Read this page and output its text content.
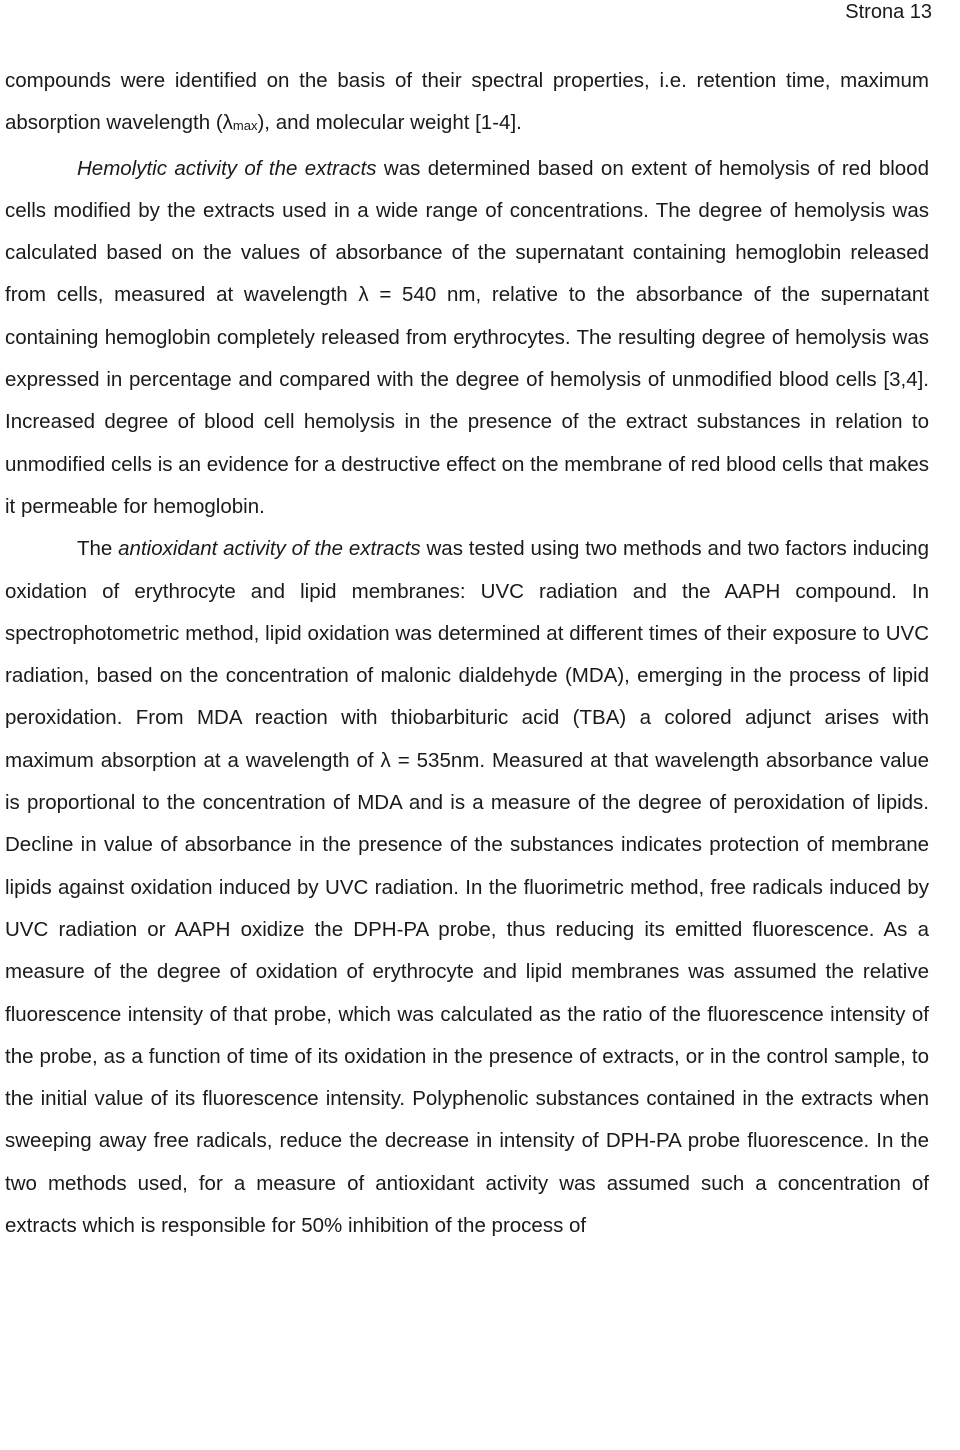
Strona 13

compounds were identified on the basis of their spectral properties, i.e. retention time, maximum absorption wavelength $(\lambda_{max})$, and molecular weight [1-4].

Hemolytic activity of the extracts was determined based on extent of hemolysis of red blood cells modified by the extracts used in a wide range of concentrations. The degree of hemolysis was calculated based on the values of absorbance of the supernatant containing hemoglobin released from cells, measured at wavelength λ = 540 nm, relative to the absorbance of the supernatant containing hemoglobin completely released from erythrocytes. The resulting degree of hemolysis was expressed in percentage and compared with the degree of hemolysis of unmodified blood cells [3,4]. Increased degree of blood cell hemolysis in the presence of the extract substances in relation to unmodified cells is an evidence for a destructive effect on the membrane of red blood cells that makes it permeable for hemoglobin.

The antioxidant activity of the extracts was tested using two methods and two factors inducing oxidation of erythrocyte and lipid membranes: UVC radiation and the AAPH compound. In spectrophotometric method, lipid oxidation was determined at different times of their exposure to UVC radiation, based on the concentration of malonic dialdehyde (MDA), emerging in the process of lipid peroxidation. From MDA reaction with thiobarbituric acid (TBA) a colored adjunct arises with maximum absorption at a wavelength of λ = 535nm. Measured at that wavelength absorbance value is proportional to the concentration of MDA and is a measure of the degree of peroxidation of lipids. Decline in value of absorbance in the presence of the substances indicates protection of membrane lipids against oxidation induced by UVC radiation. In the fluorimetric method, free radicals induced by UVC radiation or AAPH oxidize the DPH-PA probe, thus reducing its emitted fluorescence. As a measure of the degree of oxidation of erythrocyte and lipid membranes was assumed the relative fluorescence intensity of that probe, which was calculated as the ratio of the fluorescence intensity of the probe, as a function of time of its oxidation in the presence of extracts, or in the control sample, to the initial value of its fluorescence intensity. Polyphenolic substances contained in the extracts when sweeping away free radicals, reduce the decrease in intensity of DPH-PA probe fluorescence. In the two methods used, for a measure of antioxidant activity was assumed such a concentration of extracts which is responsible for 50% inhibition of the process of
